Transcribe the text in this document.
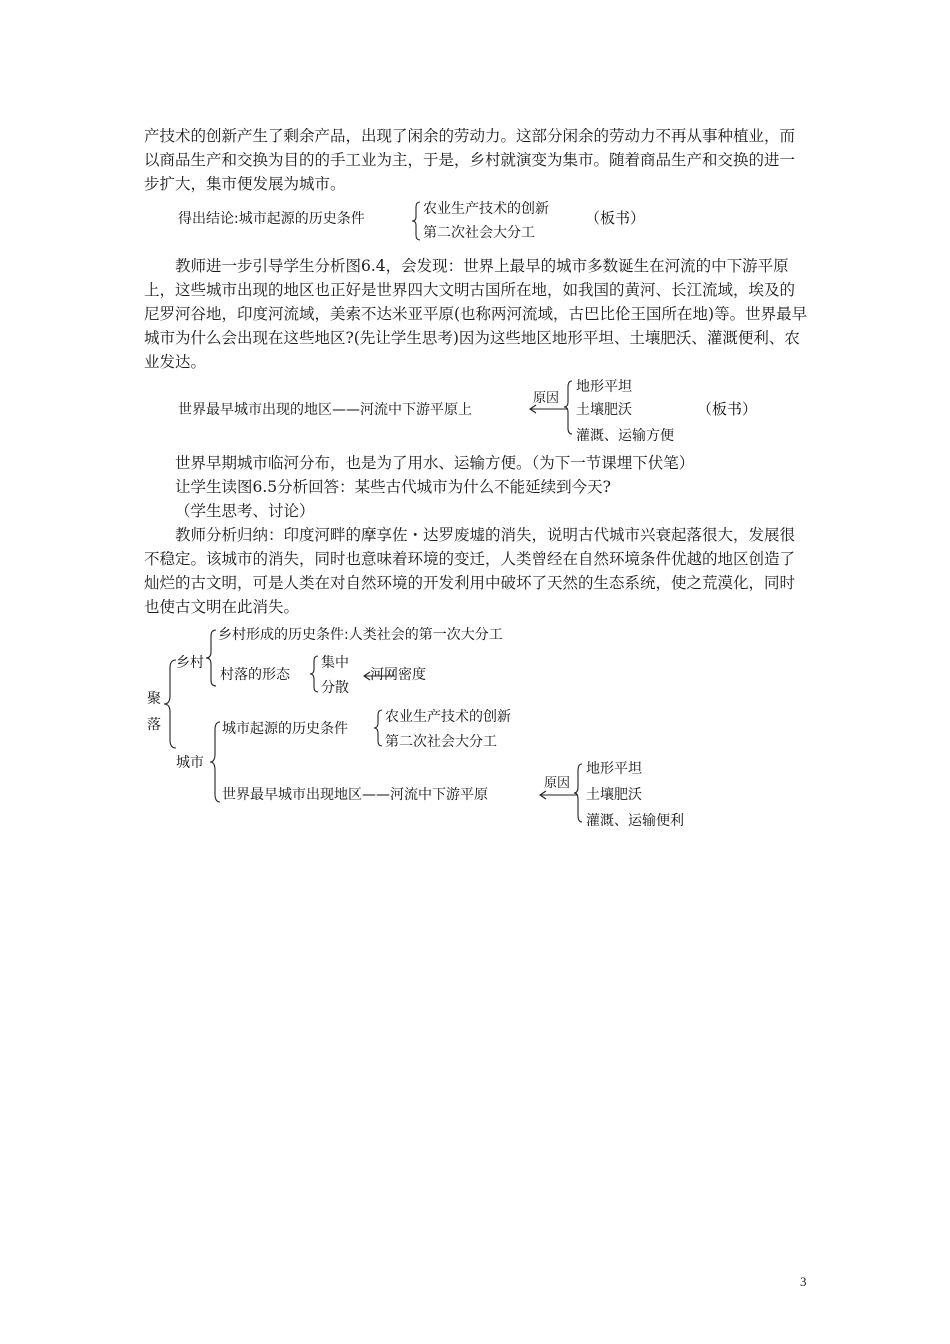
产技术的创新产生了剩余产品，出现了闲余的劳动力。这部分闲余的劳动力不再从事种植业，而以商品生产和交换为目的的手工业为主，于是，乡村就演变为集市。随着商品生产和交换的进一步扩大，集市便发展为城市。

得出结论:城市起源的历史条件
农业生产技术的创新
第二次社会大分工
（板书）

教师进一步引导学生分析图6.4，会发现：世界上最早的城市多数诞生在河流的中下游平原上，这些城市出现的地区也正好是世界四大文明古国所在地，如我国的黄河、长江流域，埃及的尼罗河谷地，印度河流域，美索不达米亚平原(也称两河流域，古巴比伦王国所在地)等。世界最早城市为什么会出现在这些地区?(先让学生思考)因为这些地区地形平坦、土壤肥沃、灌溉便利、农业发达。

世界最早城市出现的地区——河流中下游平原上
原因
地形平坦
土壤肥沃
灌溉、运输方便
（板书）

世界早期城市临河分布，也是为了用水、运输方便。（为下一节课埋下伏笔）

让学生读图6.5分析回答：某些古代城市为什么不能延续到今天?

（学生思考、讨论）

教师分析归纳：印度河畔的摩享佐・达罗废墟的消失，说明古代城市兴衰起落很大，发展很不稳定。该城市的消失，同时也意味着环境的变迁，人类曾经在自然环境条件优越的地区创造了灿烂的古文明，可是人类在对自然环境的开发利用中破坏了天然的生态系统，使之荒漠化，同时也使古文明在此消失。

聚
落
乡村
乡村形成的历史条件:人类社会的第一次大分工
村落的形态
集中
分散
河网密度
城市
城市起源的历史条件
农业生产技术的创新
第二次社会大分工
世界最早城市出现地区——河流中下游平原
原因
地形平坦
土壤肥沃
灌溉、运输便利
3
